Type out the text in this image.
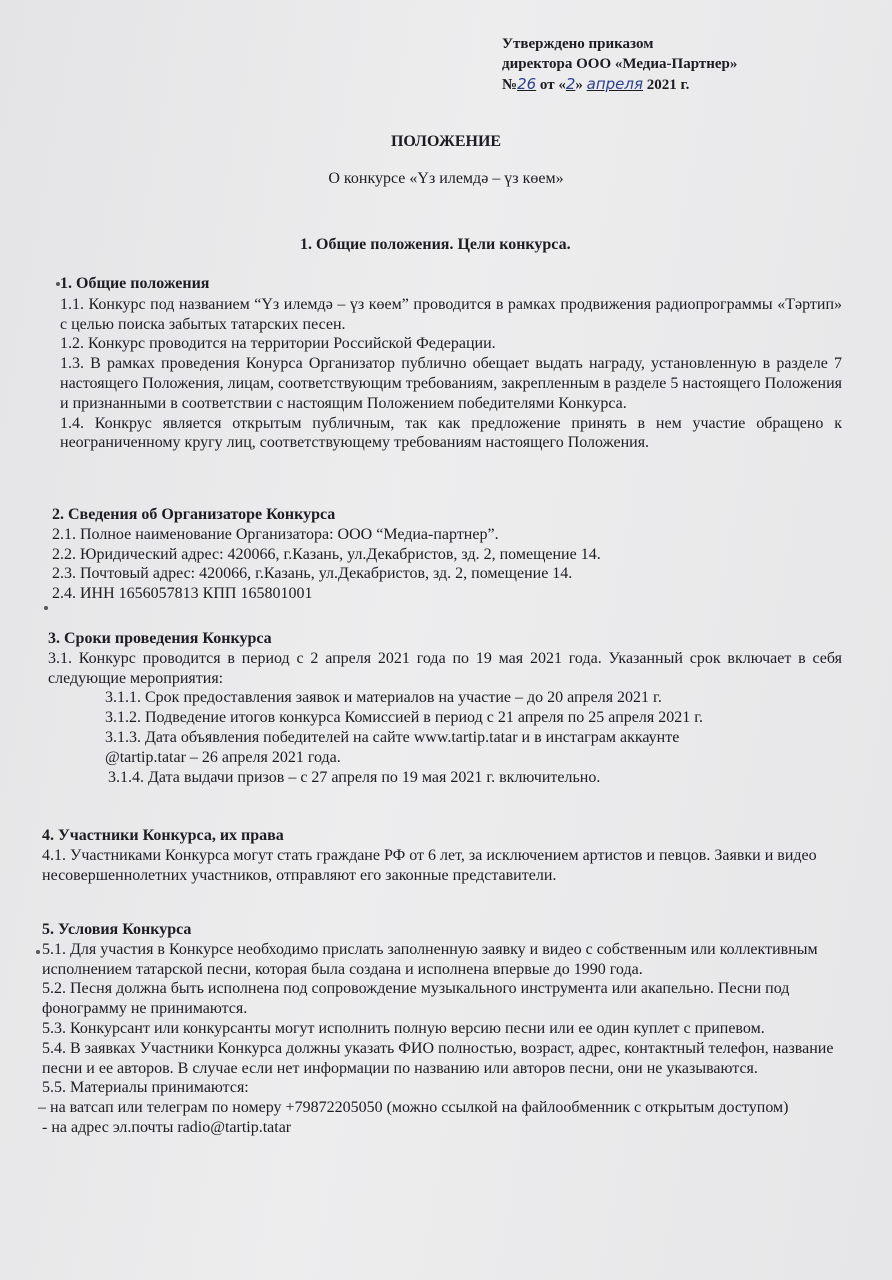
Утверждено приказом
директора ООО «Медиа-Партнер»
№26 от «2» апреля 2021 г.
ПОЛОЖЕНИЕ
О конкурсе «Үз илемдә – үз көем»
1. Общие положения. Цели конкурса.
1. Общие положения
1.1. Конкурс под названием “Үз илемдә – үз көем” проводится в рамках продвижения радиопрограммы «Тәртип» с целью поиска забытых татарских песен.
1.2. Конкурс проводится на территории Российской Федерации.
1.3. В рамках проведения Конурса Организатор публично обещает выдать награду, установленную в разделе 7 настоящего Положения, лицам, соответствующим требованиям, закрепленным в разделе 5 настоящего Положения и признанными в соответствии с настоящим Положением победителями Конкурса.
1.4. Конкрус является открытым публичным, так как предложение принять в нем участие обращено к неограниченному кругу лиц, соответствующему требованиям настоящего Положения.
2. Сведения об Организаторе Конкурса
2.1. Полное наименование Организатора: ООО “Медиа-партнер”.
2.2. Юридический адрес: 420066, г.Казань, ул.Декабристов, зд. 2, помещение 14.
2.3. Почтовый адрес: 420066, г.Казань, ул.Декабристов, зд. 2, помещение 14.
2.4. ИНН 1656057813 КПП 165801001
3. Сроки проведения Конкурса
3.1. Конкурс проводится в период с 2 апреля 2021 года по 19 мая 2021 года. Указанный срок включает в себя следующие мероприятия:
3.1.1. Срок предоставления заявок и материалов на участие – до 20 апреля 2021 г.
3.1.2. Подведение итогов конкурса Комиссией в период с 21 апреля по 25 апреля 2021 г.
3.1.3. Дата объявления победителей на сайте www.tartip.tatar и в инстаграм аккаунте
@tartip.tatar – 26 апреля 2021 года.
3.1.4. Дата выдачи призов – с 27 апреля по 19 мая 2021 г. включительно.
4. Участники Конкурса, их права
4.1. Участниками Конкурса могут стать граждане РФ от 6 лет, за исключением артистов и певцов. Заявки и видео несовершеннолетних участников, отправляют его законные представители.
5. Условия Конкурса
5.1. Для участия в Конкурсе необходимо прислать заполненную заявку и видео с собственным или коллективным исполнением татарской песни, которая была создана и исполнена впервые до 1990 года.
5.2. Песня должна быть исполнена под сопровождение музыкального инструмента или акапельно. Песни под фонограмму не принимаются.
5.3. Конкурсант или конкурсанты могут исполнить полную версию песни или ее один куплет с припевом.
5.4. В заявках Участники Конкурса должны указать ФИО полностью, возраст, адрес, контактный телефон, название песни и ее авторов. В случае если нет информации по названию или авторов песни, они не указываются.
5.5. Материалы принимаются:
– на ватсап или телеграм по номеру +79872205050 (можно ссылкой на файлообменник с открытым доступом)
- на адрес эл.почты radio@tartip.tatar
